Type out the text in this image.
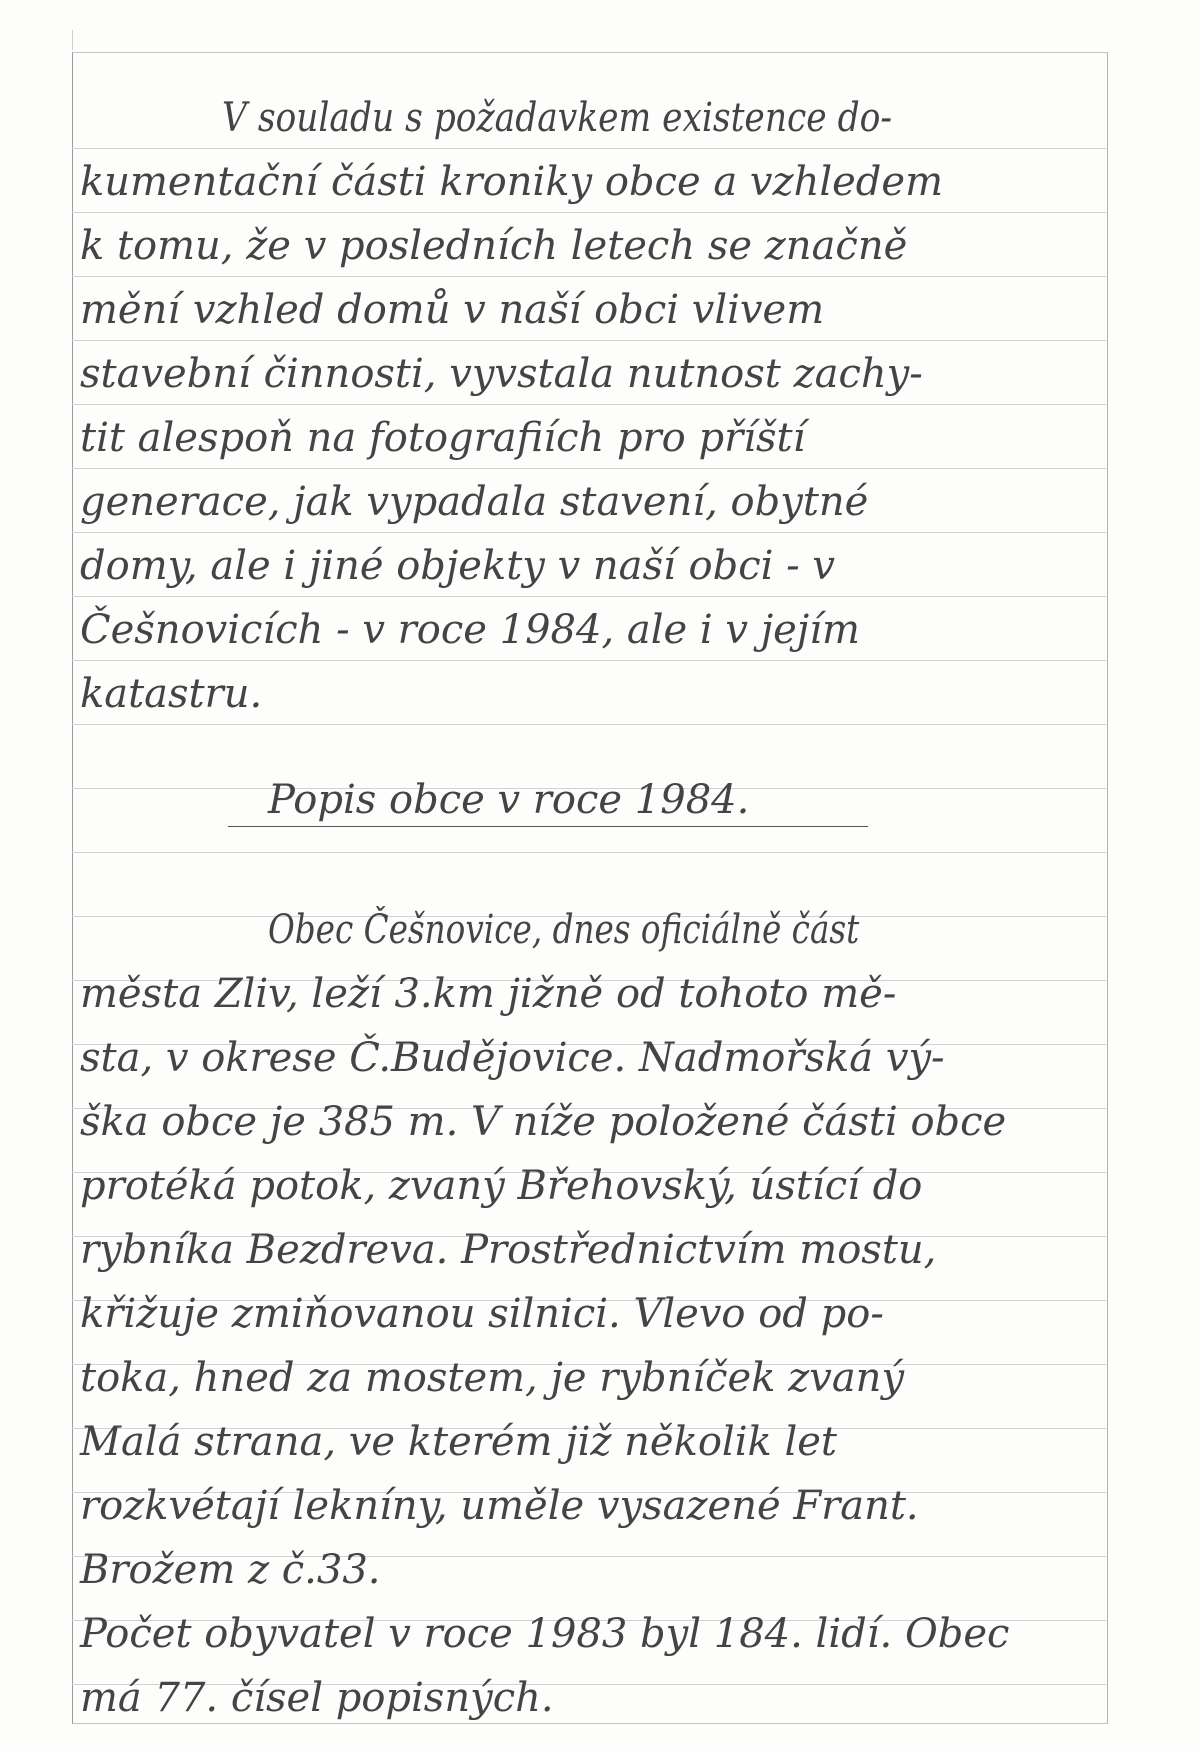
V souladu s požadavkem existence do-
kumentační části kroniky obce a vzhledem
k tomu, že v posledních letech se značně
mění vzhled domů v naší obci vlivem
stavební činnosti, vyvstala nutnost zachy-
tit alespoň na fotografiích pro příští
generace, jak vypadala stavení, obytné
domy, ale i jiné objekty v naší obci - v
Češnovicích - v roce 1984, ale i v jejím
katastru.
Popis obce v roce 1984.
Obec Češnovice, dnes oficiálně část
města Zliv, leží 3.km jižně od tohoto mě-
sta, v okrese Č.Budějovice. Nadmořská vý-
ška obce je 385 m. V níže položené části obce
protéká potok, zvaný Břehovský, ústící do
rybníka Bezdreva. Prostřednictvím mostu,
křižuje zmiňovanou silnici. Vlevo od po-
toka, hned za mostem, je rybníček zvaný
Malá strana, ve kterém již několik let
rozkvétají lekníny, uměle vysazené Frant.
Brožem z č.33.
Počet obyvatel v roce 1983 byl 184. lidí. Obec
má 77. čísel popisných.
